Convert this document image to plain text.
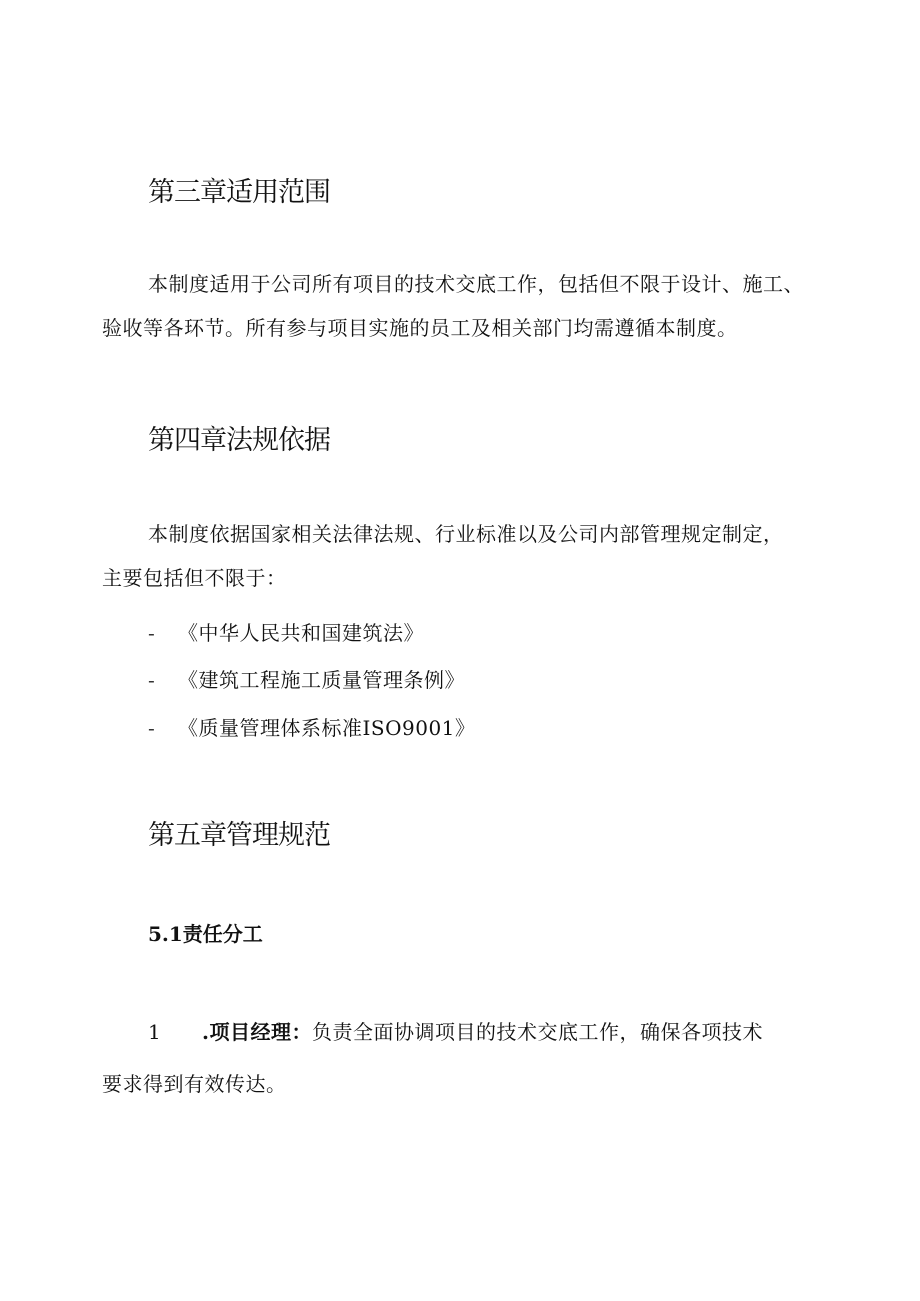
第三章适用范围

本制度适用于公司所有项目的技术交底工作，包括但不限于设计、施工、
验收等各环节。所有参与项目实施的员工及相关部门均需遵循本制度。

第四章法规依据

本制度依据国家相关法律法规、行业标准以及公司内部管理规定制定，
主要包括但不限于：

- 《中华人民共和国建筑法》
- 《建筑工程施工质量管理条例》
- 《质量管理体系标准ISO9001》
第五章管理规范
5.1责任分工
1 .项目经理：负责全面协调项目的技术交底工作，确保各项技术
要求得到有效传达。
